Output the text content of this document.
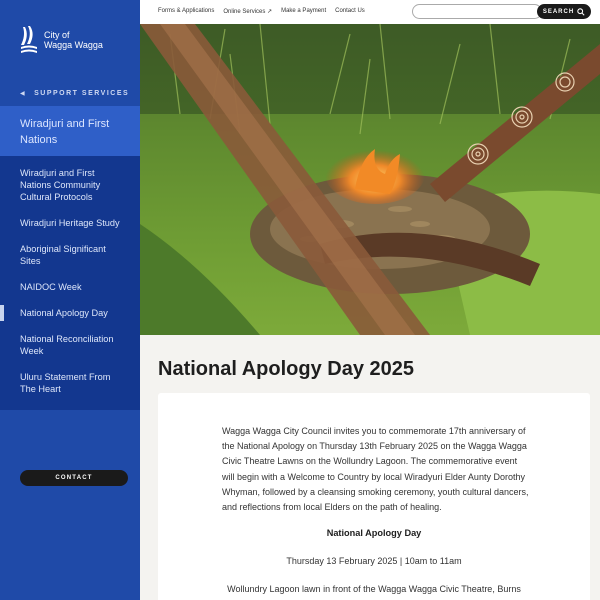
City of
Wagga Wagga
◀ SUPPORT SERVICES
Wiradjuri and First Nations
Wiradjuri and First Nations Community Cultural Protocols
Wiradjuri Heritage Study
Aboriginal Significant Sites
NAIDOC Week
National Apology Day
National Reconciliation Week
Uluru Statement From The Heart
CONTACT
Forms & Applications Online Services ↗ Make a Payment Contact Us	SEARCH
National Apology Day 2025

Wagga Wagga City Council invites you to commemorate 17th anniversary of the National Apology on Thursday 13th February 2025 on the Wagga Wagga Civic Theatre Lawns on the Wollundry Lagoon. The commemorative event will begin with a Welcome to Country by local Wiradyuri Elder Aunty Dorothy Whyman, followed by a cleansing smoking ceremony, youth cultural dancers, and reflections from local Elders on the path of healing.

National Apology Day
Thursday 13 February 2025 | 10am to 11am
Wollundry Lagoon lawn in front of the Wagga Wagga Civic Theatre, Burns
